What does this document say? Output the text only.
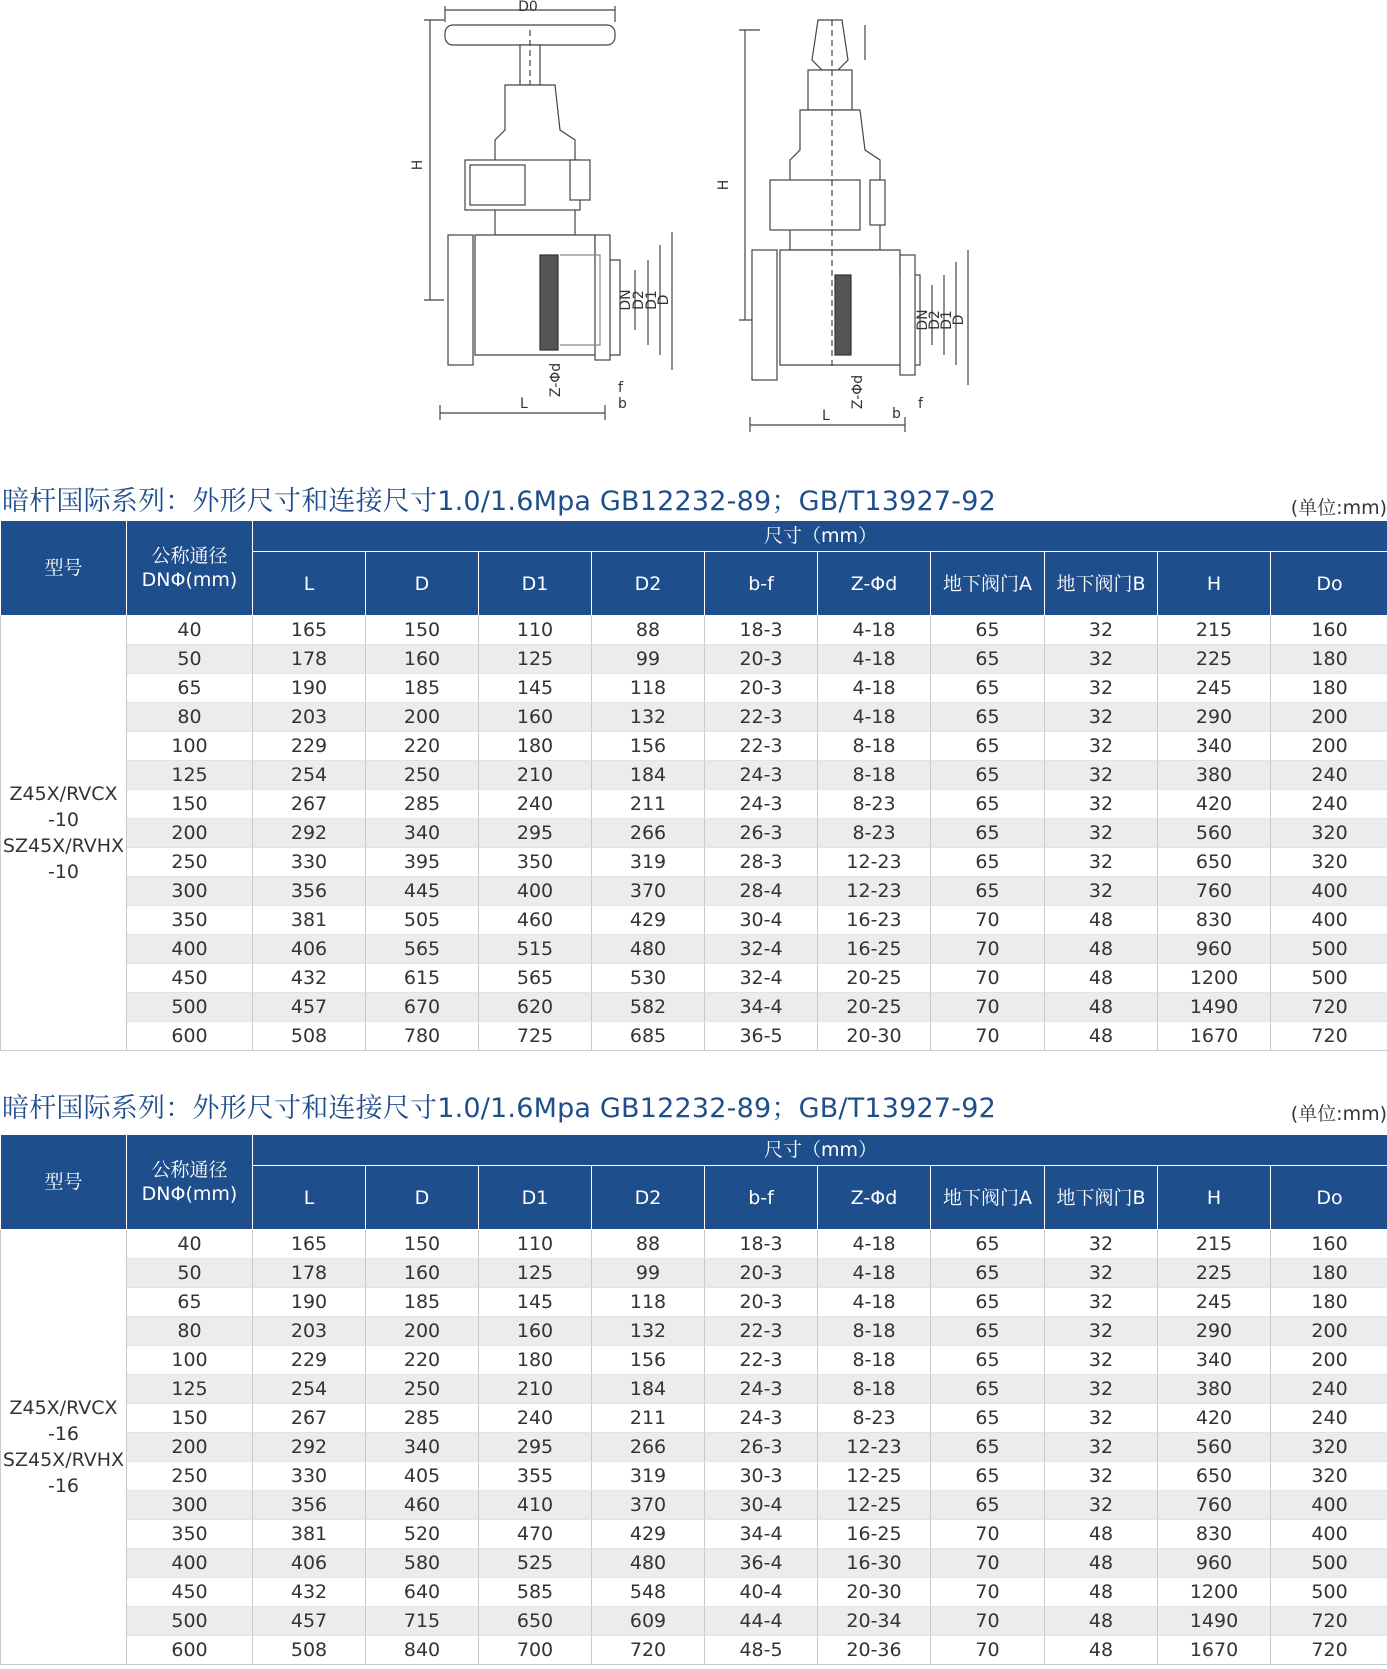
D0
H
DN
D2
D1
D
Z-Φd	f
b
L
H
DN
D2
D1
D
Z-Φd	f
b
L
暗杆国际系列：外形尺寸和连接尺寸1.0/1.6Mpa GB12232-89；GB/T13927-92	(单位:mm)
型号	公称通径
DNΦ(mm)	尺寸（mm）									
		L	D	D1	D2	b-f	Z-Φd	地下阀门A	地下阀门B	H	Do

Z45X/RVCX
-10
SZ45X/RVHX
-10	40	165	150	110	88	18-3	4-18	65	32	215	160
	50	178	160	125	99	20-3	4-18	65	32	225	180
	65	190	185	145	118	20-3	4-18	65	32	245	180
	80	203	200	160	132	22-3	4-18	65	32	290	200
	100	229	220	180	156	22-3	8-18	65	32	340	200
	125	254	250	210	184	24-3	8-18	65	32	380	240
	150	267	285	240	211	24-3	8-23	65	32	420	240
	200	292	340	295	266	26-3	8-23	65	32	560	320
	250	330	395	350	319	28-3	12-23	65	32	650	320
	300	356	445	400	370	28-4	12-23	65	32	760	400
	350	381	505	460	429	30-4	16-23	70	48	830	400
	400	406	565	515	480	32-4	16-25	70	48	960	500
	450	432	615	565	530	32-4	20-25	70	48	1200	500
	500	457	670	620	582	34-4	20-25	70	48	1490	720
	600	508	780	725	685	36-5	20-30	70	48	1670	720
暗杆国际系列：外形尺寸和连接尺寸1.0/1.6Mpa GB12232-89；GB/T13927-92	(单位:mm)
型号	公称通径
DNΦ(mm)	尺寸（mm）									
		L	D	D1	D2	b-f	Z-Φd	地下阀门A	地下阀门B	H	Do

Z45X/RVCX
-16
SZ45X/RVHX
-16	40	165	150	110	88	18-3	4-18	65	32	215	160
	50	178	160	125	99	20-3	4-18	65	32	225	180
	65	190	185	145	118	20-3	4-18	65	32	245	180
	80	203	200	160	132	22-3	8-18	65	32	290	200
	100	229	220	180	156	22-3	8-18	65	32	340	200
	125	254	250	210	184	24-3	8-18	65	32	380	240
	150	267	285	240	211	24-3	8-23	65	32	420	240
	200	292	340	295	266	26-3	12-23	65	32	560	320
	250	330	405	355	319	30-3	12-25	65	32	650	320
	300	356	460	410	370	30-4	12-25	65	32	760	400
	350	381	520	470	429	34-4	16-25	70	48	830	400
	400	406	580	525	480	36-4	16-30	70	48	960	500
	450	432	640	585	548	40-4	20-30	70	48	1200	500
	500	457	715	650	609	44-4	20-34	70	48	1490	720
	600	508	840	700	720	48-5	20-36	70	48	1670	720
